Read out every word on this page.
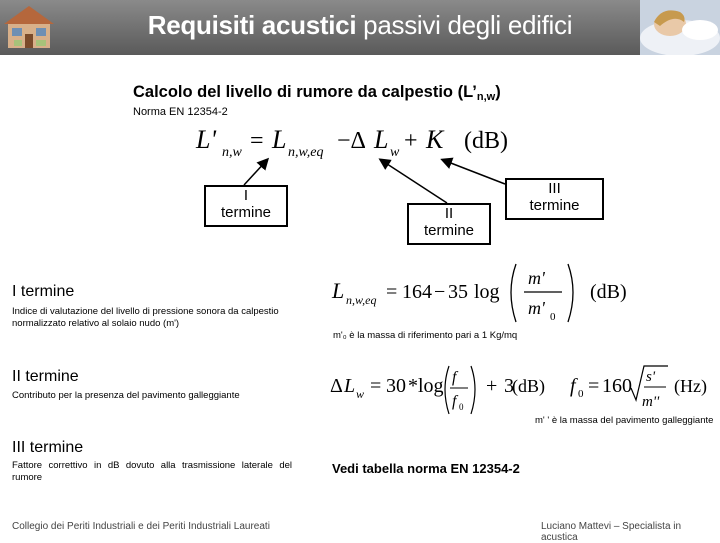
Requisiti acustici passivi degli edifici
Calcolo del livello di rumore da calpestio $(L’_{n,w})$
Norma EN 12354-2
L' n,w = L n,w,eq −Δ L w + K (dB)
I
termine	II
termine
III
termine
I termine
Indice di valutazione del livello di pressione sonora da calpestio normalizzato relativo al solaio nudo (m')
L n,w,eq = 164 − 35 log
m'
m' 0
(dB)
m'₀ è la massa di riferimento pari a 1 Kg/mq
II termine
Contributo per la presenza del pavimento galleggiante	Δ L w = 30 *log f
f 0
+ 3
(dB) f 0 = 160 s'
m''
(Hz)
m' ' è la massa del pavimento galleggiante
III termine
Fattore correttivo in dB dovuto alla trasmissione laterale del rumore
Vedi tabella norma EN 12354-2
Collegio dei Periti Industriali e dei Periti Industriali Laureati	Luciano Mattevi – Specialista in acustica
